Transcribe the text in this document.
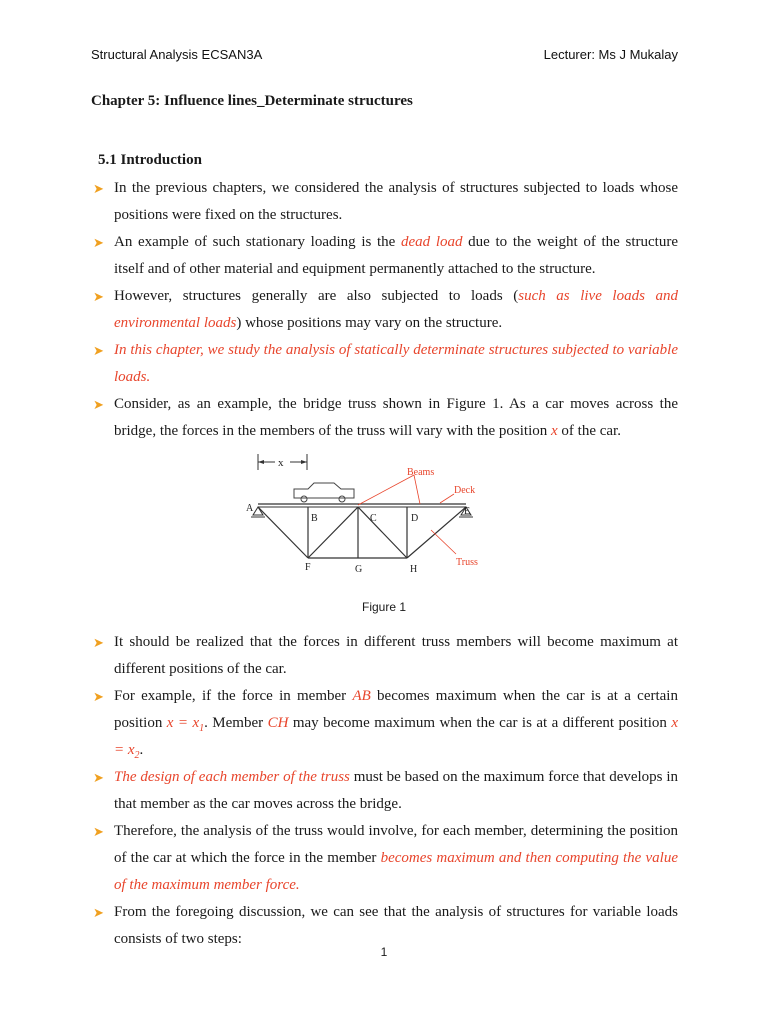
Structural Analysis ECSAN3A	Lecturer: Ms J Mukalay
Chapter 5: Influence lines_Determinate structures
5.1 Introduction
➤ In the previous chapters, we considered the analysis of structures subjected to loads whose positions were fixed on the structures.
➤ An example of such stationary loading is the dead load due to the weight of the structure itself and of other material and equipment permanently attached to the structure.
➤ However, structures generally are also subjected to loads (such as live loads and environmental loads) whose positions may vary on the structure.
➤ In this chapter, we study the analysis of statically determinate structures subjected to variable loads.
➤ Consider, as an example, the bridge truss shown in Figure 1. As a car moves across the bridge, the forces in the members of the truss will vary with the position x of the car.
x
Beams
Deck
Truss
A
B	C	D
E
F	G	H
Figure 1
➤ It should be realized that the forces in different truss members will become maximum at different positions of the car.
➤ For example, if the force in member AB becomes maximum when the car is at a certain position $x = x_1$. Member CH may become maximum when the car is at a different position $x = x_2$.
➤ The design of each member of the truss must be based on the maximum force that develops in that member as the car moves across the bridge.
➤ Therefore, the analysis of the truss would involve, for each member, determining the position of the car at which the force in the member becomes maximum and then computing the value of the maximum member force.
➤ From the foregoing discussion, we can see that the analysis of structures for variable loads consists of two steps:
1
